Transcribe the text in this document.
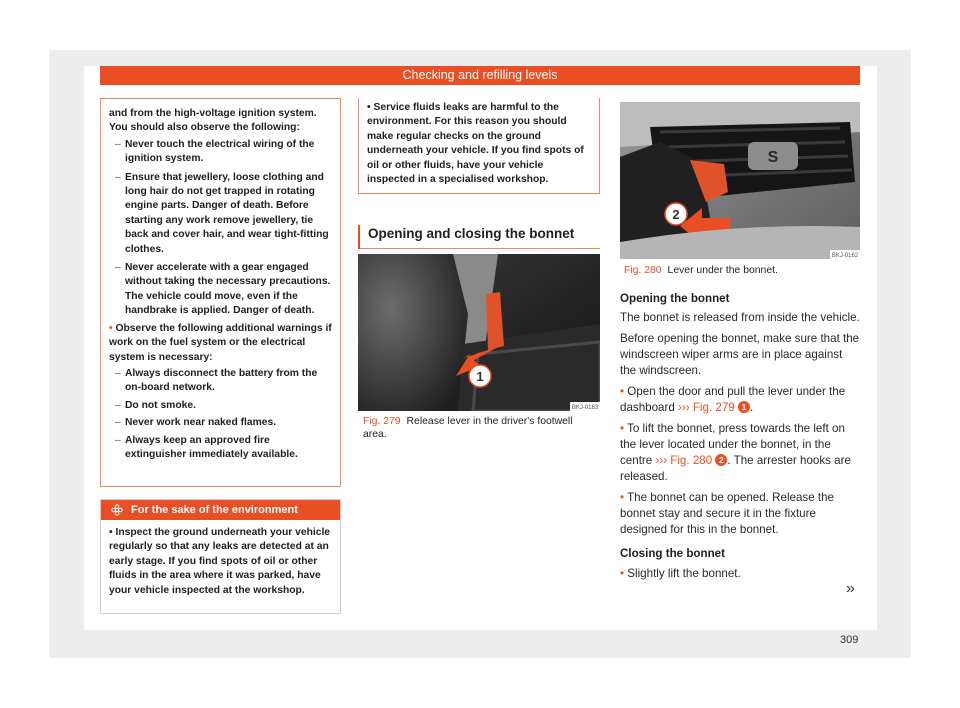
Checking and refilling levels
and from the high-voltage ignition system. You should also observe the following:
– Never touch the electrical wiring of the ignition system.
– Ensure that jewellery, loose clothing and long hair do not get trapped in rotating engine parts. Danger of death. Before starting any work remove jewellery, tie back and cover hair, and wear tight-fitting clothes.
– Never accelerate with a gear engaged without taking the necessary precautions. The vehicle could move, even if the handbrake is applied. Danger of death.
• Observe the following additional warnings if work on the fuel system or the electrical system is necessary:
– Always disconnect the battery from the on-board network.
– Do not smoke.
– Never work near naked flames.
– Always keep an approved fire extinguisher immediately available.
For the sake of the environment
• Inspect the ground underneath your vehicle regularly so that any leaks are detected at an early stage. If you find spots of oil or other fluids in the area where it was parked, have your vehicle inspected at the workshop.
• Service fluids leaks are harmful to the environment. For this reason you should make regular checks on the ground underneath your vehicle. If you find spots of oil or other fluids, have your vehicle inspected in a specialised workshop.
Opening and closing the bonnet
1
BKJ-0163
Fig. 279 Release lever in the driver's footwell area.
S
2
BKJ-0162
Fig. 280 Lever under the bonnet.

Opening the bonnet

The bonnet is released from inside the vehicle.

Before opening the bonnet, make sure that the windscreen wiper arms are in place against the windscreen.

• Open the door and pull the lever under the dashboard ››› Fig. 279 1 .

• To lift the bonnet, press towards the left on the lever located under the bonnet, in the centre ››› Fig. 280 2 . The arrester hooks are released.

• The bonnet can be opened. Release the bonnet stay and secure it in the fixture designed for this in the bonnet.

Closing the bonnet

• Slightly lift the bonnet.

»
309
